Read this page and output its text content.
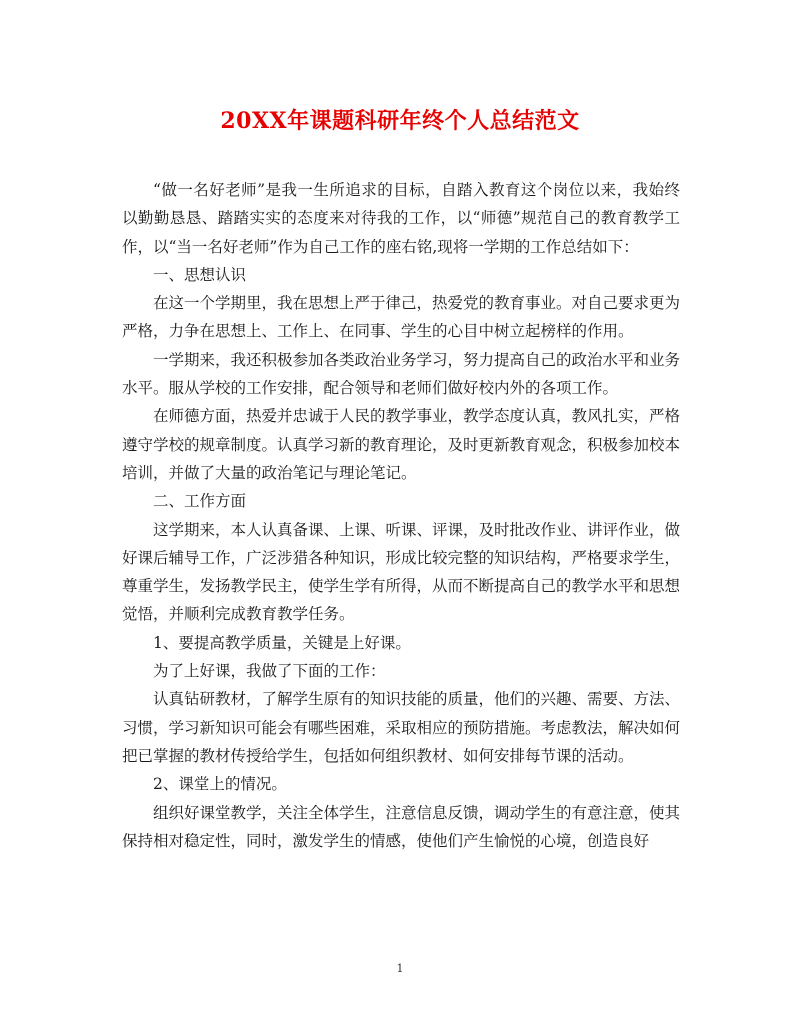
20XX年课题科研年终个人总结范文

“做一名好老师”是我一生所追求的目标，自踏入教育这个岗位以来，我始终以勤勤恳恳、踏踏实实的态度来对待我的工作，以“师德”规范自己的教育教学工作，以“当一名好老师”作为自己工作的座右铭,现将一学期的工作总结如下：

一、思想认识

在这一个学期里，我在思想上严于律己，热爱党的教育事业。对自己要求更为严格，力争在思想上、工作上、在同事、学生的心目中树立起榜样的作用。

一学期来，我还积极参加各类政治业务学习，努力提高自己的政治水平和业务水平。服从学校的工作安排，配合领导和老师们做好校内外的各项工作。

在师德方面，热爱并忠诚于人民的教学事业，教学态度认真，教风扎实，严格遵守学校的规章制度。认真学习新的教育理论，及时更新教育观念，积极参加校本培训，并做了大量的政治笔记与理论笔记。

二、工作方面

这学期来，本人认真备课、上课、听课、评课，及时批改作业、讲评作业，做好课后辅导工作，广泛涉猎各种知识，形成比较完整的知识结构，严格要求学生，尊重学生，发扬教学民主，使学生学有所得，从而不断提高自己的教学水平和思想觉悟，并顺利完成教育教学任务。

1、要提高教学质量，关键是上好课。

为了上好课，我做了下面的工作：

认真钻研教材，了解学生原有的知识技能的质量，他们的兴趣、需要、方法、习惯，学习新知识可能会有哪些困难，采取相应的预防措施。考虑教法，解决如何把已掌握的教材传授给学生，包括如何组织教材、如何安排每节课的活动。

2、课堂上的情况。

组织好课堂教学，关注全体学生，注意信息反馈，调动学生的有意注意，使其保持相对稳定性，同时，激发学生的情感，使他们产生愉悦的心境，创造良好

1
